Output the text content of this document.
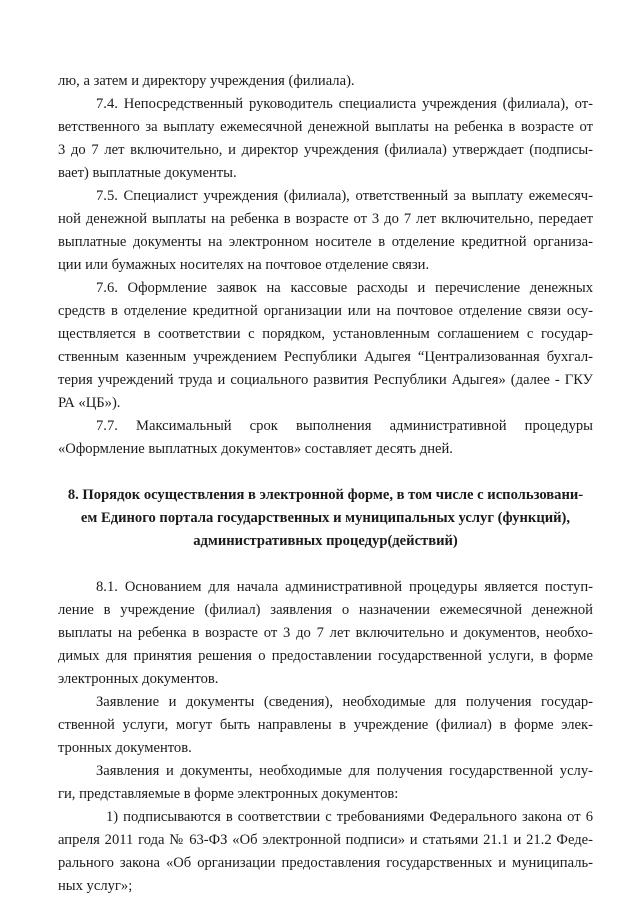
лю, а затем и директору учреждения (филиала).

7.4. Непосредственный руководитель специалиста учреждения (филиала), от-

ветственного за выплату ежемесячной денежной выплаты на ребенка в возрасте от

3 до 7 лет включительно, и директор учреждения (филиала) утверждает (подписы-

вает) выплатные документы.

7.5. Специалист учреждения (филиала), ответственный за выплату ежемесяч-

ной денежной выплаты на ребенка в возрасте от 3 до 7 лет включительно, передает

выплатные документы на электронном носителе в отделение кредитной организа-

ции или бумажных носителях на почтовое отделение связи.

7.6. Оформление заявок на кассовые расходы и перечисление денежных

средств в отделение кредитной организации или на почтовое отделение связи осу-

ществляется в соответствии с порядком, установленным соглашением с государ-

ственным казенным учреждением Республики Адыгея “Централизованная бухгал-

терия учреждений труда и социального развития Республики Адыгея» (далее - ГКУ

РА «ЦБ»).

7.7. Максимальный срок выполнения административной процедуры

«Оформление выплатных документов» составляет десять дней.

8. Порядок осуществления в электронной форме, в том числе с использовани-

ем Единого портала государственных и муниципальных услуг (функций),

административных процедур(действий)

8.1. Основанием для начала административной процедуры является поступ-

ление в учреждение (филиал) заявления о назначении ежемесячной денежной

выплаты на ребенка в возрасте от 3 до 7 лет включительно и документов, необхо-

димых для принятия решения о предоставлении государственной услуги, в форме

электронных документов.

Заявление и документы (сведения), необходимые для получения государ-

ственной услуги, могут быть направлены в учреждение (филиал) в форме элек-

тронных документов.

Заявления и документы, необходимые для получения государственной услу-

ги, представляемые в форме электронных документов:

1) подписываются в соответствии с требованиями Федерального закона от 6

апреля 2011 года № 63-ФЗ «Об электронной подписи» и статьями 21.1 и 21.2 Феде-

рального закона «Об организации предоставления государственных и муниципаль-

ных услуг»;
